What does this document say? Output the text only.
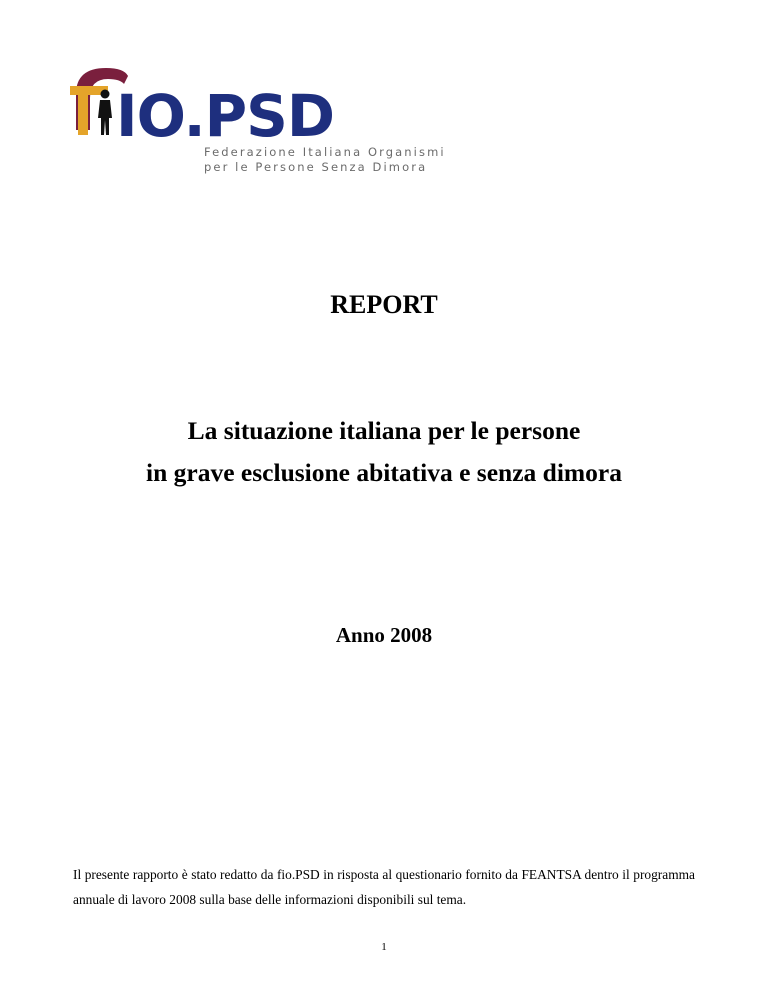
IO.PSD
Federazione Italiana Organismi
per le Persone Senza Dimora
REPORT
La situazione italiana per le persone
in grave esclusione abitativa e senza dimora
Anno 2008

Il presente rapporto è stato redatto da fio.PSD in risposta al questionario fornito da FEANTSA dentro il programma annuale di lavoro 2008 sulla base delle informazioni disponibili sul tema.

1
